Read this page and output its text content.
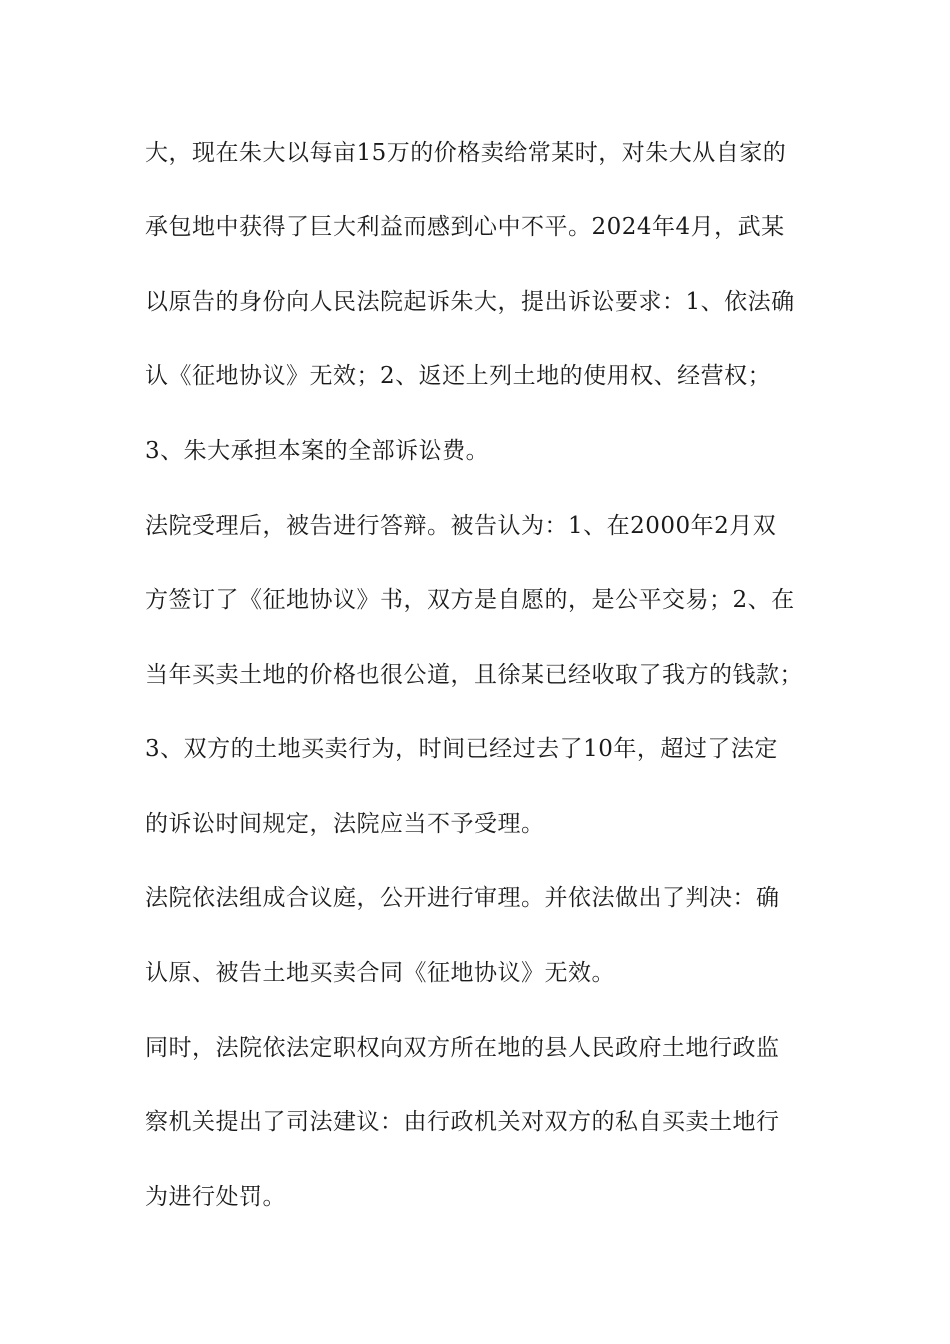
大，现在朱大以每亩15万的价格卖给常某时，对朱大从自家的
承包地中获得了巨大利益而感到心中不平。2024年4月，武某
以原告的身份向人民法院起诉朱大，提出诉讼要求：1、依法确
认《征地协议》无效；2、返还上列土地的使用权、经营权；
3、朱大承担本案的全部诉讼费。
法院受理后，被告进行答辩。被告认为：1、在2000年2月双
方签订了《征地协议》书，双方是自愿的，是公平交易；2、在
当年买卖土地的价格也很公道，且徐某已经收取了我方的钱款；
3、双方的土地买卖行为，时间已经过去了10年，超过了法定
的诉讼时间规定，法院应当不予受理。
法院依法组成合议庭，公开进行审理。并依法做出了判决：确
认原、被告土地买卖合同《征地协议》无效。
同时，法院依法定职权向双方所在地的县人民政府土地行政监
察机关提出了司法建议：由行政机关对双方的私自买卖土地行
为进行处罚。
